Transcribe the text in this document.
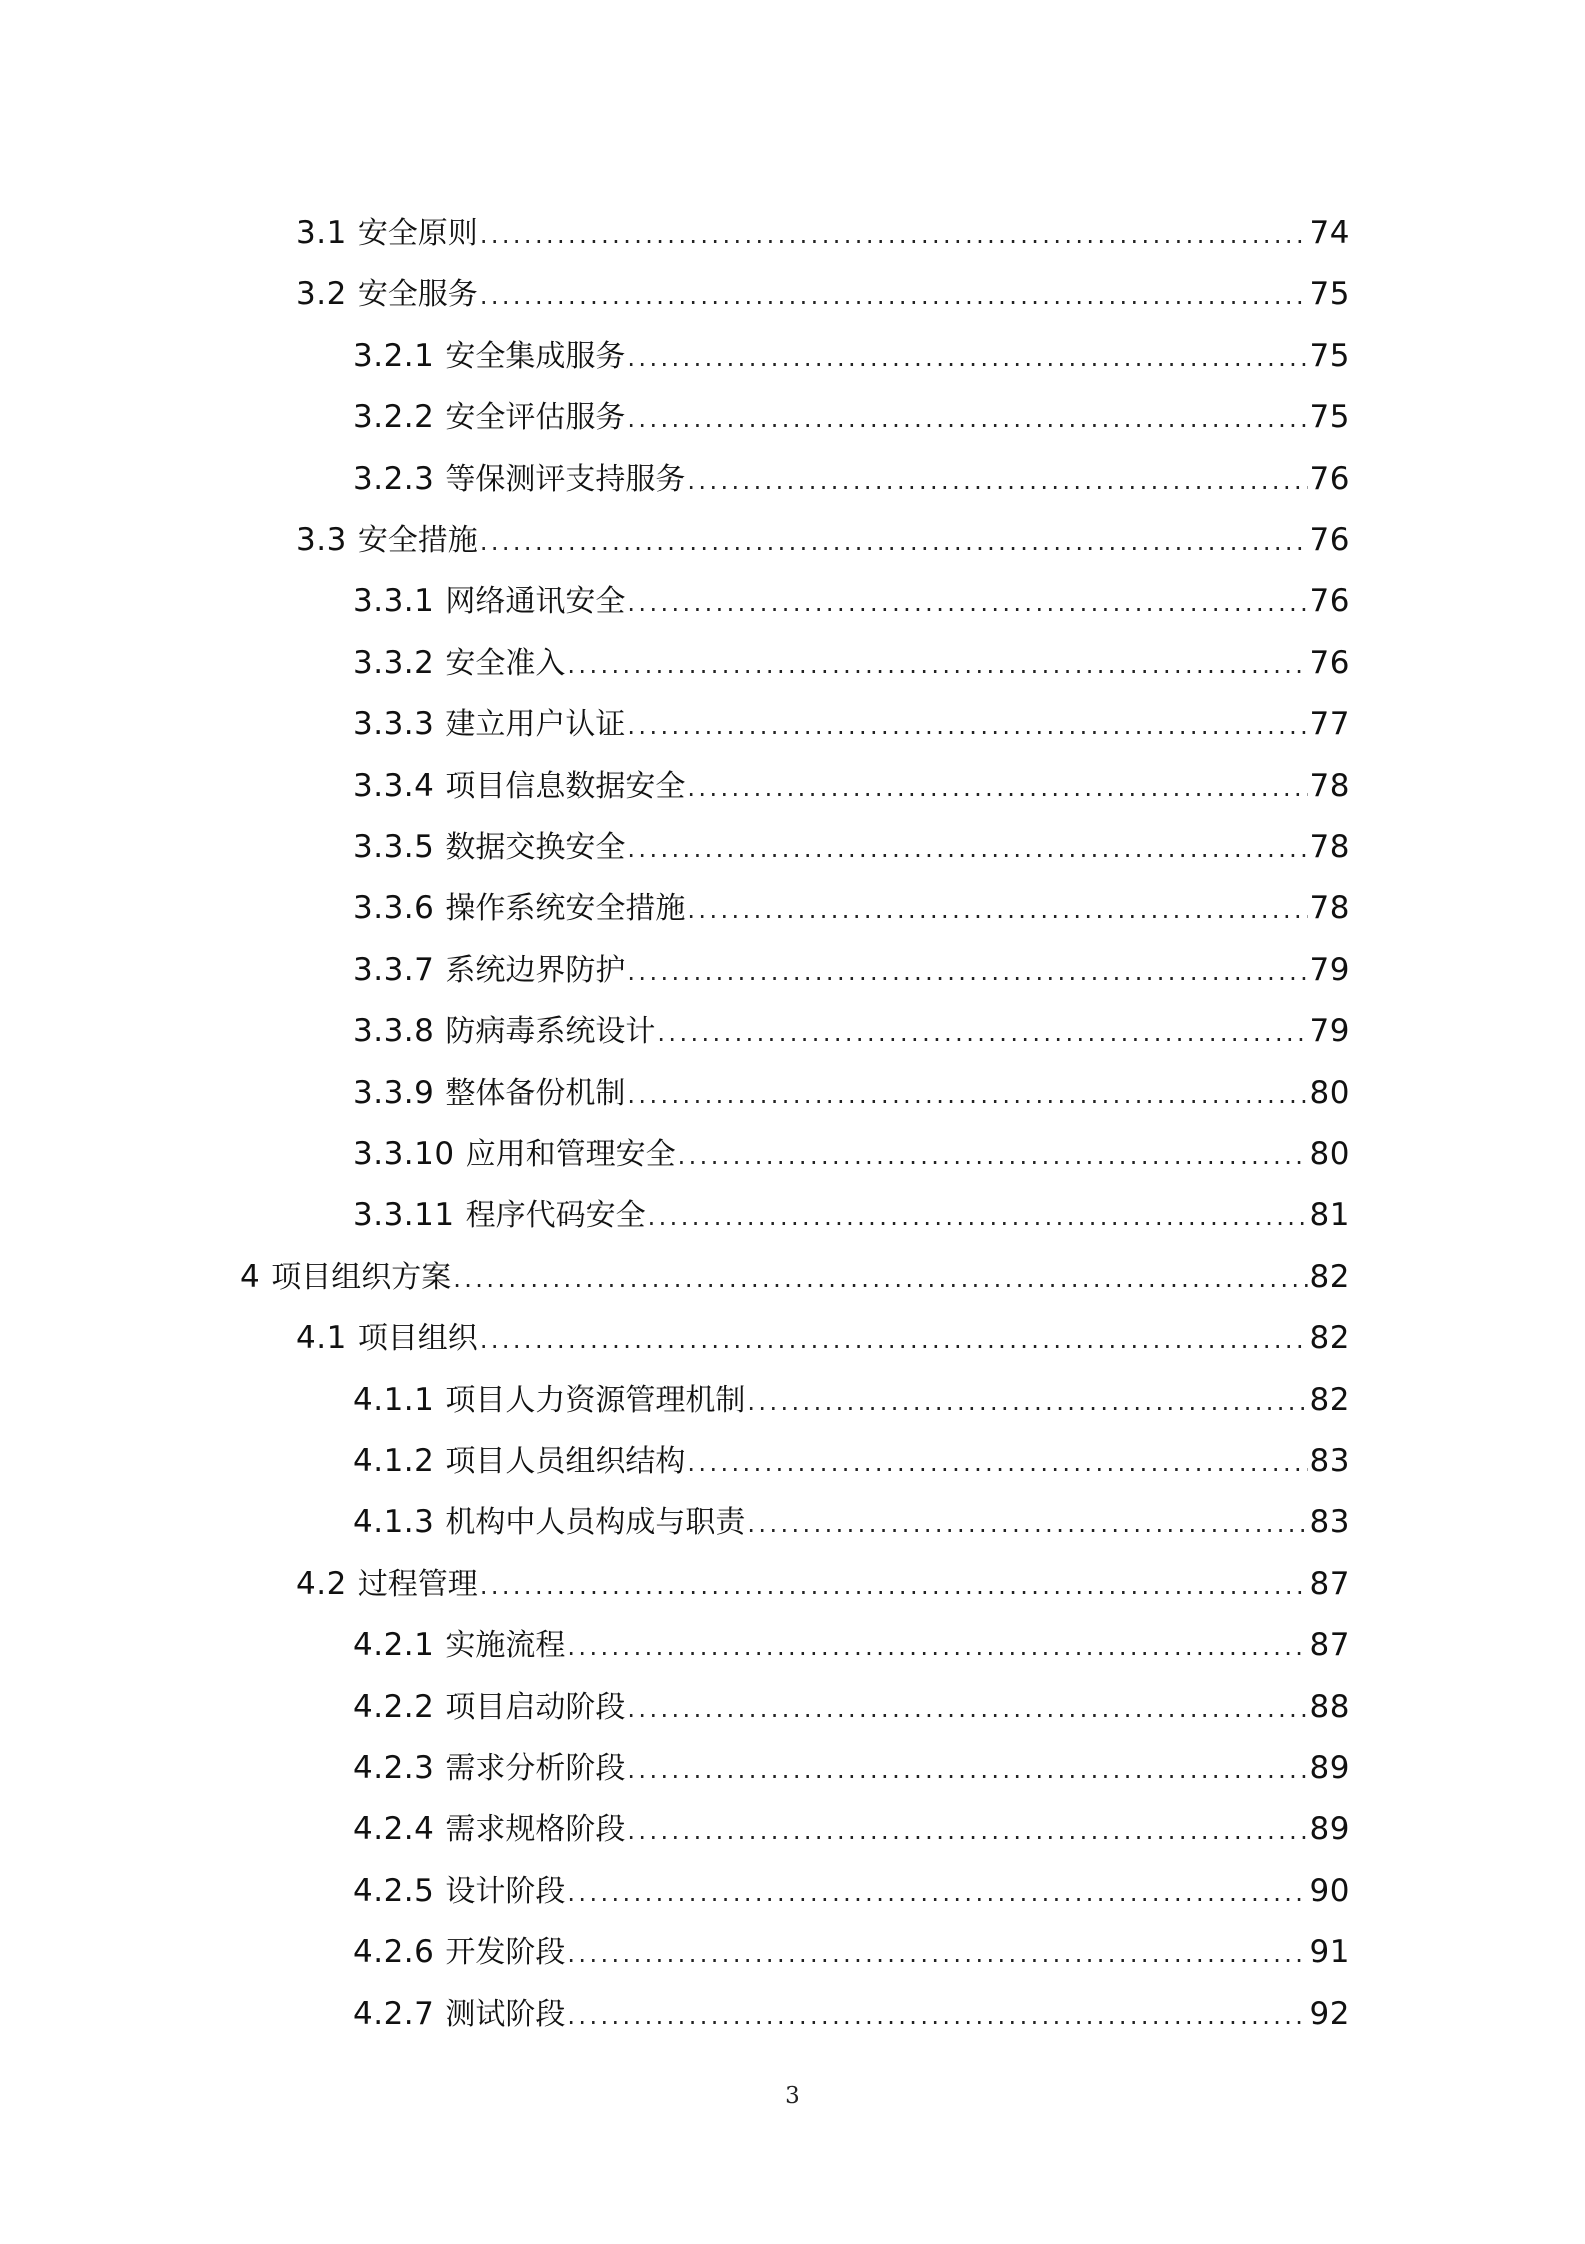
3.1 安全原则 .....	74
3.2 安全服务 .....	75
3.2.1 安全集成服务 .....	75
3.2.2 安全评估服务 .....	75
3.2.3 等保测评支持服务 .....	76
3.3 安全措施 .....	76
3.3.1 网络通讯安全 .....	76
3.3.2 安全准入 .....	76
3.3.3 建立用户认证 .....	77
3.3.4 项目信息数据安全 .....	78
3.3.5 数据交换安全 .....	78
3.3.6 操作系统安全措施 .....	78
3.3.7 系统边界防护 .....	79
3.3.8 防病毒系统设计 .....	79
3.3.9 整体备份机制 .....	80
3.3.10 应用和管理安全 .....	80
3.3.11 程序代码安全 .....	81
4 项目组织方案 .....	82
4.1 项目组织 .....	82
4.1.1 项目人力资源管理机制 .....	82
4.1.2 项目人员组织结构 .....	83
4.1.3 机构中人员构成与职责 .....	83
4.2 过程管理 .....	87
4.2.1 实施流程 .....	87
4.2.2 项目启动阶段 .....	88
4.2.3 需求分析阶段 .....	89
4.2.4 需求规格阶段 .....	89
4.2.5 设计阶段 .....	90
4.2.6 开发阶段 .....	91
4.2.7 测试阶段 .....	92
3
